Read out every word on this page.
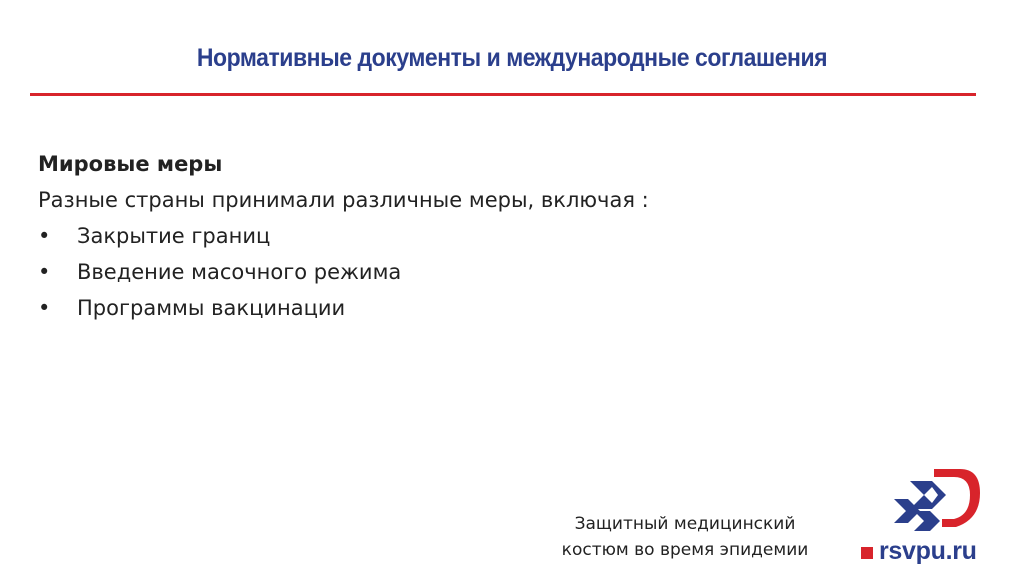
Нормативные документы и международные соглашения

Мировые меры

Разные страны принимали различные меры, включая :

•	Закрытие границ
•	Введение масочного режима
•	Программы вакцинации
Защитный медицинский
костюм во время эпидемии	rsvpu.ru
